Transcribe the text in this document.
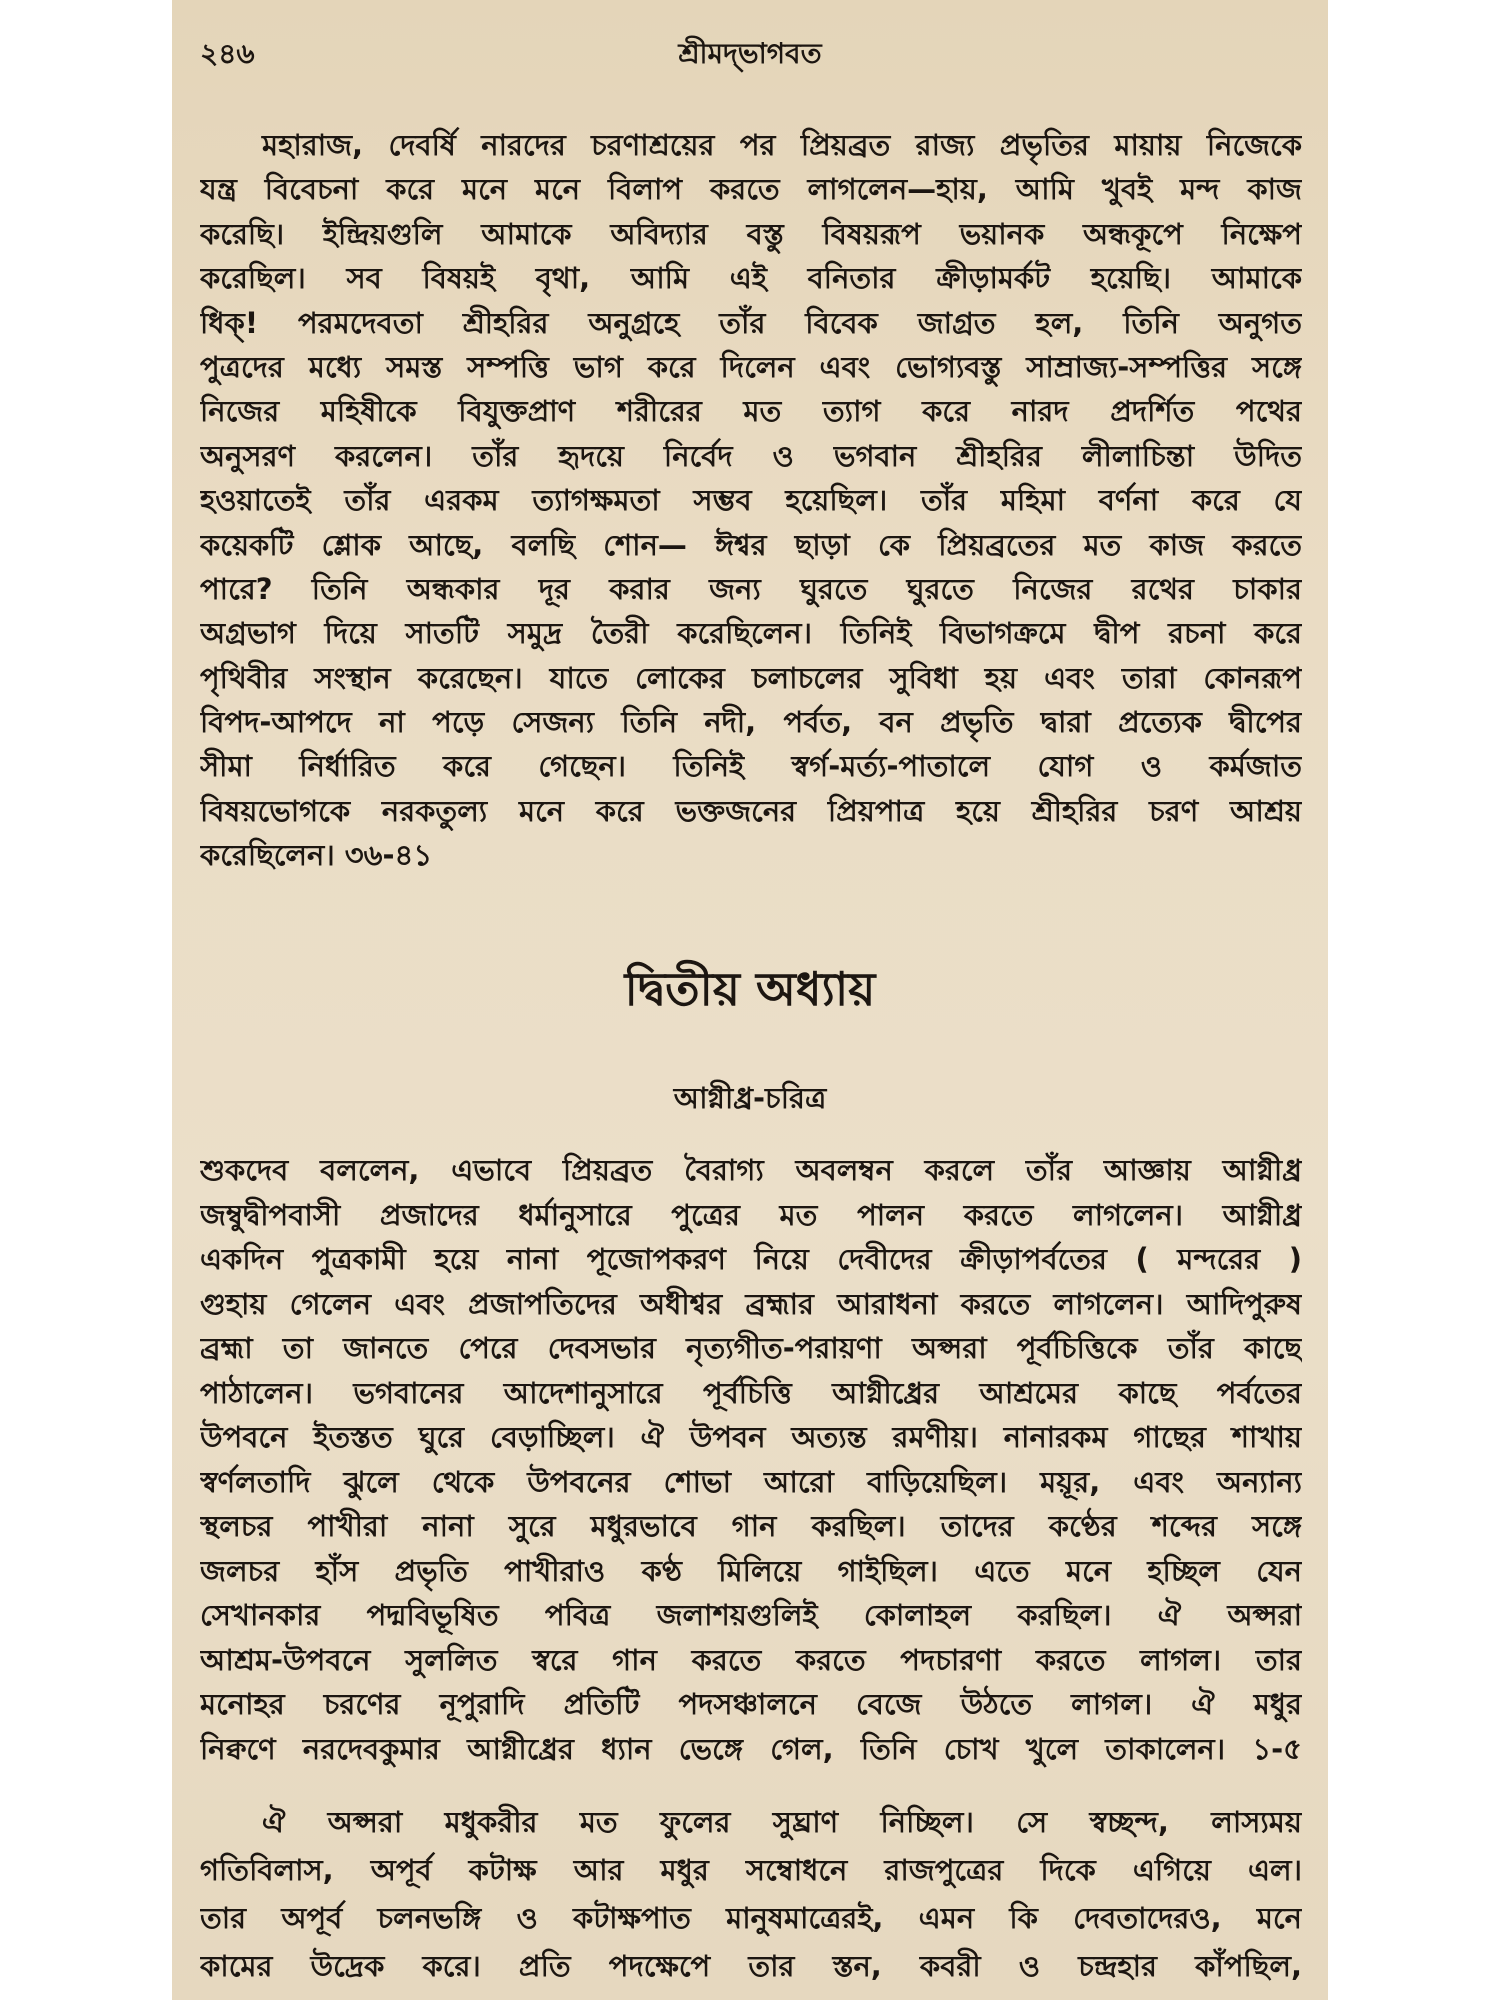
২৪৬	শ্রীমদ্‌ভাগবত
মহারাজ, দেবর্ষি নারদের চরণাশ্রয়ের পর প্রিয়ব্রত রাজ্য প্রভৃতির মায়ায় নিজেকে
যন্ত্র বিবেচনা করে মনে মনে বিলাপ করতে লাগলেন—হায়, আমি খুবই মন্দ কাজ
করেছি। ইন্দ্রিয়গুলি আমাকে অবিদ্যার বস্তু বিষয়রূপ ভয়ানক অন্ধকূপে নিক্ষেপ
করেছিল। সব বিষয়ই বৃথা, আমি এই বনিতার ক্রীড়ামর্কট হয়েছি। আমাকে
ধিক্! পরমদেবতা শ্রীহরির অনুগ্রহে তাঁর বিবেক জাগ্রত হল, তিনি অনুগত
পুত্রদের মধ্যে সমস্ত সম্পত্তি ভাগ করে দিলেন এবং ভোগ্যবস্তু সাম্রাজ্য-সম্পত্তির সঙ্গে
নিজের মহিষীকে বিযুক্তপ্রাণ শরীরের মত ত্যাগ করে নারদ প্রদর্শিত পথের
অনুসরণ করলেন। তাঁর হৃদয়ে নির্বেদ ও ভগবান শ্রীহরির লীলাচিন্তা উদিত
হওয়াতেই তাঁর এরকম ত্যাগক্ষমতা সম্ভব হয়েছিল। তাঁর মহিমা বর্ণনা করে যে
কয়েকটি শ্লোক আছে, বলছি শোন— ঈশ্বর ছাড়া কে প্রিয়ব্রতের মত কাজ করতে
পারে? তিনি অন্ধকার দূর করার জন্য ঘুরতে ঘুরতে নিজের রথের চাকার
অগ্রভাগ দিয়ে সাতটি সমুদ্র তৈরী করেছিলেন। তিনিই বিভাগক্রমে দ্বীপ রচনা করে
পৃথিবীর সংস্থান করেছেন। যাতে লোকের চলাচলের সুবিধা হয় এবং তারা কোনরূপ
বিপদ-আপদে না পড়ে সেজন্য তিনি নদী, পর্বত, বন প্রভৃতি দ্বারা প্রত্যেক দ্বীপের
সীমা নির্ধারিত করে গেছেন। তিনিই স্বর্গ-মর্ত্য-পাতালে যোগ ও কর্মজাত
বিষয়ভোগকে নরকতুল্য মনে করে ভক্তজনের প্রিয়পাত্র হয়ে শ্রীহরির চরণ আশ্রয়
করেছিলেন। ৩৬-৪১
দ্বিতীয় অধ্যায়
আগ্নীধ্র-চরিত্র
শুকদেব বললেন, এভাবে প্রিয়ব্রত বৈরাগ্য অবলম্বন করলে তাঁর আজ্ঞায় আগ্নীধ্র
জম্বুদ্বীপবাসী প্রজাদের ধর্মানুসারে পুত্রের মত পালন করতে লাগলেন। আগ্নীধ্র
একদিন পুত্রকামী হয়ে নানা পূজোপকরণ নিয়ে দেবীদের ক্রীড়াপর্বতের ( মন্দরের )
গুহায় গেলেন এবং প্রজাপতিদের অধীশ্বর ব্রহ্মার আরাধনা করতে লাগলেন। আদিপুরুষ
ব্রহ্মা তা জানতে পেরে দেবসভার নৃত্যগীত-পরায়ণা অপ্সরা পূর্বচিত্তিকে তাঁর কাছে
পাঠালেন। ভগবানের আদেশানুসারে পূর্বচিত্তি আগ্নীধ্রের আশ্রমের কাছে পর্বতের
উপবনে ইতস্তত ঘুরে বেড়াচ্ছিল। ঐ উপবন অত্যন্ত রমণীয়। নানারকম গাছের শাখায়
স্বর্ণলতাদি ঝুলে থেকে উপবনের শোভা আরো বাড়িয়েছিল। ময়ূর, এবং অন্যান্য
স্থলচর পাখীরা নানা সুরে মধুরভাবে গান করছিল। তাদের কণ্ঠের শব্দের সঙ্গে
জলচর হাঁস প্রভৃতি পাখীরাও কণ্ঠ মিলিয়ে গাইছিল। এতে মনে হচ্ছিল যেন
সেখানকার পদ্মবিভূষিত পবিত্র জলাশয়গুলিই কোলাহল করছিল। ঐ অপ্সরা
আশ্রম-উপবনে সুললিত স্বরে গান করতে করতে পদচারণা করতে লাগল। তার
মনোহর চরণের নূপুরাদি প্রতিটি পদসঞ্চালনে বেজে উঠতে লাগল। ঐ মধুর
নিক্বণে নরদেবকুমার আগ্নীধ্রের ধ্যান ভেঙ্গে গেল, তিনি চোখ খুলে তাকালেন। ১-৫
ঐ অপ্সরা মধুকরীর মত ফুলের সুঘ্রাণ নিচ্ছিল। সে স্বচ্ছন্দ, লাস্যময়
গতিবিলাস, অপূর্ব কটাক্ষ আর মধুর সম্বোধনে রাজপুত্রের দিকে এগিয়ে এল।
তার অপূর্ব চলনভঙ্গি ও কটাক্ষপাত মানুষমাত্রেরই, এমন কি দেবতাদেরও, মনে
কামের উদ্রেক করে। প্রতি পদক্ষেপে তার স্তন, কবরী ও চন্দ্রহার কাঁপছিল,
